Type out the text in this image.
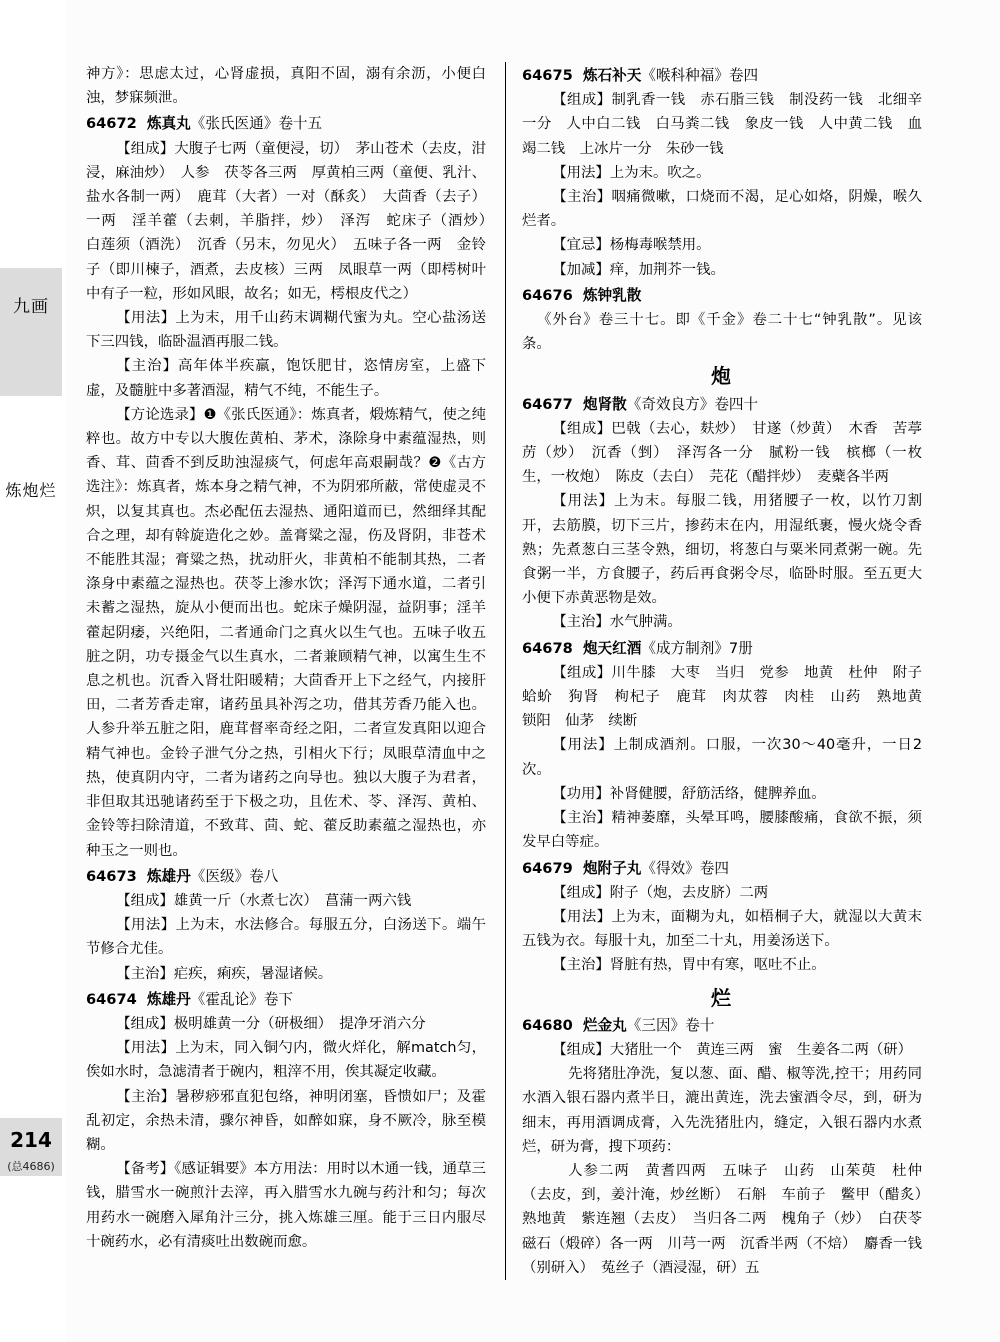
九画
炼炮烂
214
(总4686)

神方》：思虑太过，心肾虚损，真阳不固，溺有余沥，小便白浊，梦寐频泄。

64672 炼真丸《张氏医通》卷十五

【组成】大腹子七两（童便浸，切）　茅山苍术（去皮，泔浸，麻油炒）　人参　茯苓各三两　厚黄柏三两（童便、乳汁、盐水各制一两）　鹿茸（大者）一对（酥炙）　大茴香（去子）一两　淫羊藿（去刺，羊脂拌，炒）　泽泻　蛇床子（酒炒）　白莲须（酒洗）　沉香（另末，勿见火）　五味子各一两　金铃子（即川楝子，酒煮，去皮核）三两　凤眼草一两（即樗树叶中有子一粒，形如风眼，故名；如无，樗根皮代之）

【用法】上为末，用千山药末调糊代蜜为丸。空心盐汤送下三四钱，临卧温酒再服二钱。

【主治】高年体半疾羸，饱饫肥甘，恣情房室，上盛下虚，及髓脏中多著酒湿，精气不纯，不能生子。

【方论选录】❶《张氏医通》：炼真者，煅炼精气，使之纯粹也。故方中专以大腹佐黄柏、茅术，涤除身中素蕴湿热，则香、茸、茴香不到反助浊湿痰气，何虑年高艰嗣哉？❷《古方选注》：炼真者，炼本身之精气神，不为阴邪所蔽，常使虚灵不炽，以复其真也。杰必配伍去湿热、通阳道而已，然细绎其配合之理，却有斡旋造化之妙。盖膏粱之湿，伤及肾阴，非苍术不能胜其湿；膏粱之热，扰动肝火，非黄柏不能制其热，二者涤身中素蕴之湿热也。茯苓上渗水饮；泽泻下通水道，二者引未蓄之湿热，旋从小便而出也。蛇床子燥阴湿，益阴事；淫羊藿起阴痿，兴绝阳，二者通命门之真火以生气也。五味子收五脏之阴，功专摄金气以生真水，二者兼顾精气神，以寓生生不息之机也。沉香入肾壮阳暖精；大茴香开上下之经气，内接肝田，二者芳香走窜，诸药虽具补泻之功，借其芳香乃能入也。人参升举五脏之阳，鹿茸督率奇经之阳，二者宣发真阳以迎合精气神也。金铃子泄气分之热，引相火下行；凤眼草清血中之热，使真阴内守，二者为诸药之向导也。独以大腹子为君者，非但取其迅驰诸药至于下极之功，且佐术、苓、泽泻、黄柏、金铃等扫除清道，不致茸、茴、蛇、藿反助素蕴之湿热也，亦种玉之一则也。

64673 炼雄丹《医级》卷八

【组成】雄黄一斤（水煮七次）　菖蒲一两六钱

【用法】上为末，水法修合。每服五分，白汤送下。端午节修合尤佳。

【主治】疟疾，痢疾，暑湿诸候。

64674 炼雄丹《霍乱论》卷下

【组成】极明雄黄一分（研极细）　提净牙消六分

【用法】上为末，同入铜勺内，微火烊化，解match匀，俟如水时，急滤清者于碗内，粗滓不用，俟其凝定收藏。

【主治】暑秽痧邪直犯包络，神明闭塞，昏愦如尸；及霍乱初定，余热未清，骤尔神昏，如醉如寐，身不厥冷，脉至模糊。

【备考】《感证辑要》本方用法：用时以木通一钱，通草三钱，腊雪水一碗煎汁去滓，再入腊雪水九碗与药汁和匀；每次用药水一碗磨入犀角汁三分，挑入炼雄三厘。能于三日内服尽十碗药水，必有清痰吐出数碗而愈。

64675 炼石补天《喉科种福》卷四

【组成】制乳香一钱　赤石脂三钱　制没药一钱　北细辛一分　人中白二钱　白马粪二钱　象皮一钱　人中黄二钱　血竭二钱　上冰片一分　朱砂一钱

【用法】上为末。吹之。

【主治】咽痛微嗽，口烧而不渴，足心如烙，阴燥，喉久烂者。

【宜忌】杨梅毒喉禁用。

【加减】痒，加荆芥一钱。

64676 炼钟乳散

《外台》卷三十七。即《千金》卷二十七“钟乳散”。见该条。

炮

64677 炮肾散《奇效良方》卷四十

【组成】巴戟（去心，麸炒）　甘遂（炒黄）　木香　苦葶苈（炒）　沉香（剉）　泽泻各一分　腻粉一钱　槟榔（一枚生，一枚炮）　陈皮（去白）　芫花（醋拌炒）　麦蘗各半两

【用法】上为末。每服二钱，用猪腰子一枚，以竹刀割开，去筋膜，切下三片，掺药末在内，用湿纸裹，慢火烧令香熟；先煮葱白三茎令熟，细切，将葱白与粟米同煮粥一碗。先食粥一半，方食腰子，药后再食粥令尽，临卧时服。至五更大小便下赤黄恶物是效。

【主治】水气肿满。

64678 炮天红酒《成方制剂》7册

【组成】川牛膝　大枣　当归　党参　地黄　杜仲　附子　蛤蚧　狗肾　枸杞子　鹿茸　肉苁蓉　肉桂　山药　熟地黄　锁阳　仙茅　续断

【用法】上制成酒剂。口服，一次30～40毫升，一日2次。

【功用】补肾健腰，舒筋活络，健脾养血。

【主治】精神萎靡，头晕耳鸣，腰膝酸痛，食欲不振，须发早白等症。

64679 炮附子丸《得效》卷四

【组成】附子（炮，去皮脐）二两

【用法】上为末，面糊为丸，如梧桐子大，就湿以大黄末五钱为衣。每服十丸，加至二十丸，用姜汤送下。

【主治】肾脏有热，胃中有寒，呕吐不止。

烂

64680 烂金丸《三因》卷十

【组成】大猪肚一个　黄连三两　蜜　生姜各二两（研）

先将猪肚净洗，复以葱、面、醋、椒等洗,控干；用药同水酒入银石器内煮半日，漉出黄连，洗去蜜酒令尽，到，研为细末，再用酒调成膏，入先洗猪肚内，缝定，入银石器内水煮烂，研为膏，搜下项药：

人参二两　黄耆四两　五味子　山药　山茱萸　杜仲（去皮，到，姜汁淹，炒丝断）　石斛　车前子　鳖甲（醋炙）　熟地黄　紫连翘（去皮）　当归各二两　槐角子（炒）　白茯苓　磁石（煅碎）各一两　川芎一两　沉香半两（不焙）　麝香一钱（别研入）　菟丝子（酒浸湿，研）五
